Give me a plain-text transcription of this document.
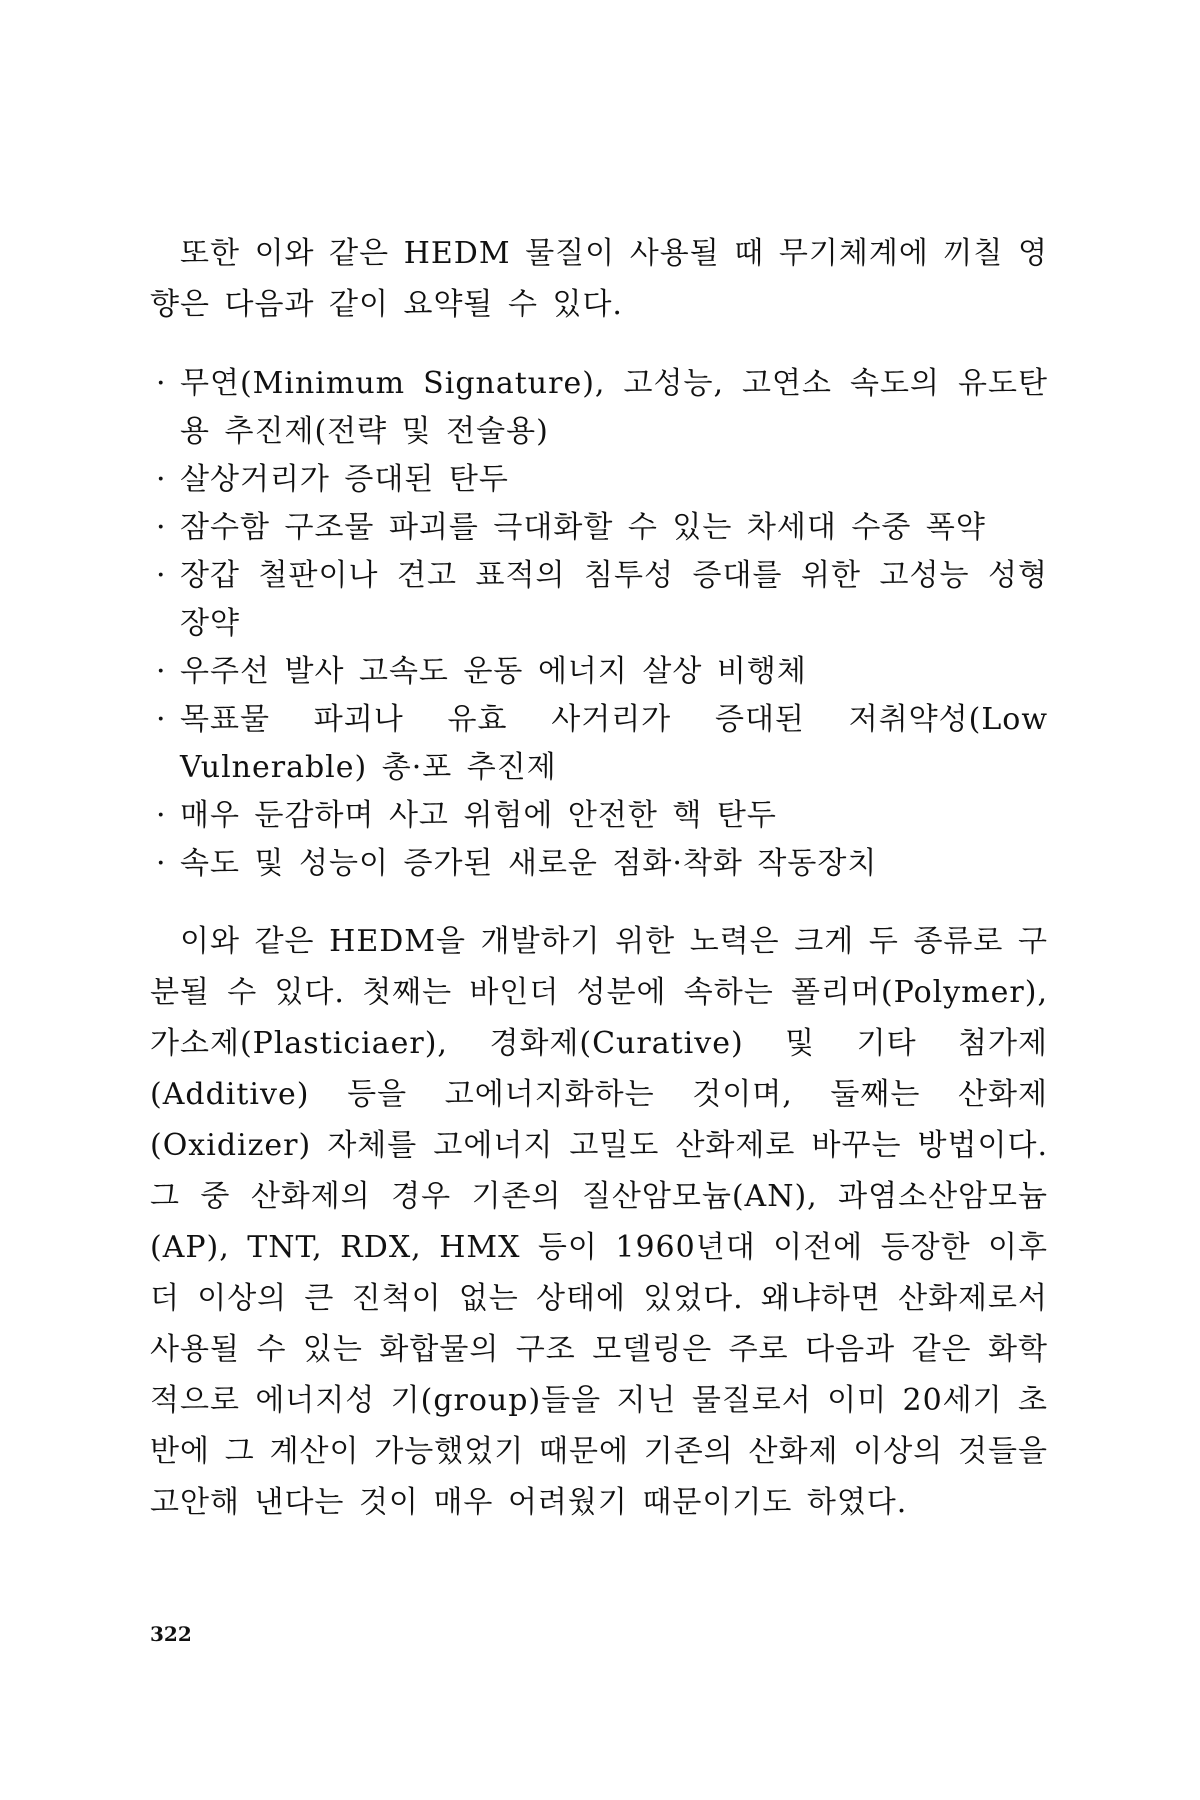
또한 이와 같은 HEDM 물질이 사용될 때 무기체계에 끼칠 영향은 다음과 같이 요약될 수 있다.

· 무연(Minimum Signature), 고성능, 고연소 속도의 유도탄용 추진제(전략 및 전술용)
· 살상거리가 증대된 탄두
· 잠수함 구조물 파괴를 극대화할 수 있는 차세대 수중 폭약
· 장갑 철판이나 견고 표적의 침투성 증대를 위한 고성능 성형 장약
· 우주선 발사 고속도 운동 에너지 살상 비행체
· 목표물 파괴나 유효 사거리가 증대된 저취약성(Low Vulnerable) 총·포 추진제
· 매우 둔감하며 사고 위험에 안전한 핵 탄두
· 속도 및 성능이 증가된 새로운 점화·착화 작동장치

이와 같은 HEDM을 개발하기 위한 노력은 크게 두 종류로 구분될 수 있다. 첫째는 바인더 성분에 속하는 폴리머(Polymer), 가소제(Plasticiaer), 경화제(Curative) 및 기타 첨가제(Additive) 등을 고에너지화하는 것이며, 둘째는 산화제(Oxidizer) 자체를 고에너지 고밀도 산화제로 바꾸는 방법이다. 그 중 산화제의 경우 기존의 질산암모늄(AN), 과염소산암모늄(AP), TNT, RDX, HMX 등이 1960년대 이전에 등장한 이후 더 이상의 큰 진척이 없는 상태에 있었다. 왜냐하면 산화제로서 사용될 수 있는 화합물의 구조 모델링은 주로 다음과 같은 화학적으로 에너지성 기(group)들을 지닌 물질로서 이미 20세기 초반에 그 계산이 가능했었기 때문에 기존의 산화제 이상의 것들을 고안해 낸다는 것이 매우 어려웠기 때문이기도 하였다.

322
